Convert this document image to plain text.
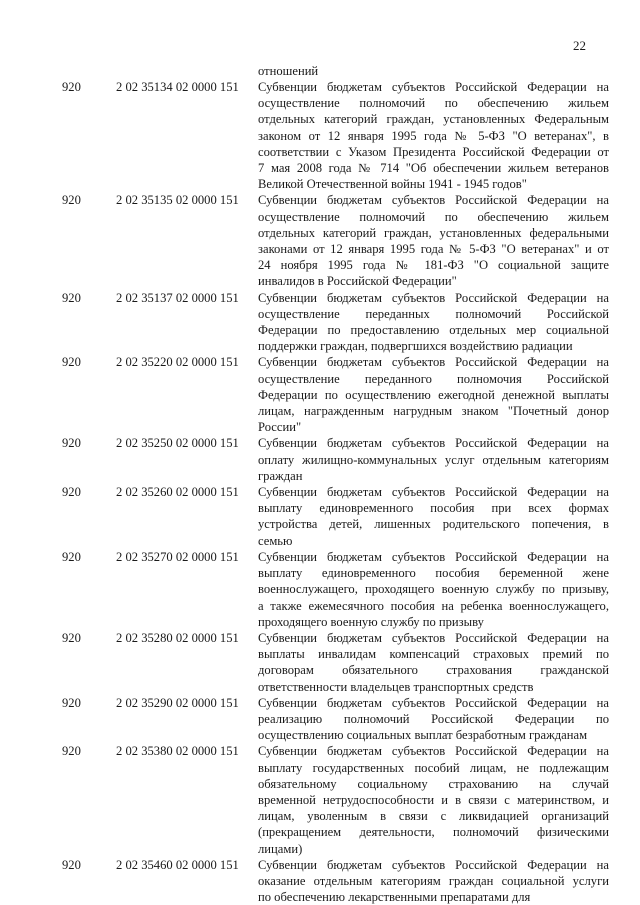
22
отношений
920	2 02 35134 02 0000 151 Субвенции бюджетам субъектов Российской Федерации на
осуществление полномочий по обеспечению жильем
отдельных категорий граждан, установленных Федеральным
законом от 12 января 1995 года № 5-ФЗ "О ветеранах", в
соответствии с Указом Президента Российской Федерации от
7 мая 2008 года № 714 "Об обеспечении жильем ветеранов
Великой Отечественной войны 1941 - 1945 годов"
920	2 02 35135 02 0000 151 Субвенции бюджетам субъектов Российской Федерации на
осуществление полномочий по обеспечению жильем
отдельных категорий граждан, установленных федеральными
законами от 12 января 1995 года № 5-ФЗ "О ветеранах" и от
24 ноября 1995 года № 181-ФЗ "О социальной защите
инвалидов в Российской Федерации"
920	2 02 35137 02 0000 151 Субвенции бюджетам субъектов Российской Федерации на
осуществление переданных полномочий Российской
Федерации по предоставлению отдельных мер социальной
поддержки граждан, подвергшихся воздействию радиации
920	2 02 35220 02 0000 151 Субвенции бюджетам субъектов Российской Федерации на
осуществление переданного полномочия Российской
Федерации по осуществлению ежегодной денежной выплаты
лицам, награжденным нагрудным знаком "Почетный донор
России"
920	2 02 35250 02 0000 151 Субвенции бюджетам субъектов Российской Федерации на
оплату жилищно-коммунальных услуг отдельным категориям
граждан
920	2 02 35260 02 0000 151 Субвенции бюджетам субъектов Российской Федерации на
выплату единовременного пособия при всех формах
устройства детей, лишенных родительского попечения, в
семью
920	2 02 35270 02 0000 151 Субвенции бюджетам субъектов Российской Федерации на
выплату единовременного пособия беременной жене
военнослужащего, проходящего военную службу по призыву,
а также ежемесячного пособия на ребенка военнослужащего,
проходящего военную службу по призыву
920	2 02 35280 02 0000 151 Субвенции бюджетам субъектов Российской Федерации на
выплаты инвалидам компенсаций страховых премий по
договорам обязательного страхования гражданской
ответственности владельцев транспортных средств
920	2 02 35290 02 0000 151 Субвенции бюджетам субъектов Российской Федерации на
реализацию полномочий Российской Федерации по
осуществлению социальных выплат безработным гражданам
920	2 02 35380 02 0000 151 Субвенции бюджетам субъектов Российской Федерации на
выплату государственных пособий лицам, не подлежащим
обязательному социальному страхованию на случай
временной нетрудоспособности и в связи с материнством, и
лицам, уволенным в связи с ликвидацией организаций
(прекращением деятельности, полномочий физическими
лицами)
920	2 02 35460 02 0000 151 Субвенции бюджетам субъектов Российской Федерации на
оказание отдельным категориям граждан социальной услуги
по обеспечению лекарственными препаратами для
